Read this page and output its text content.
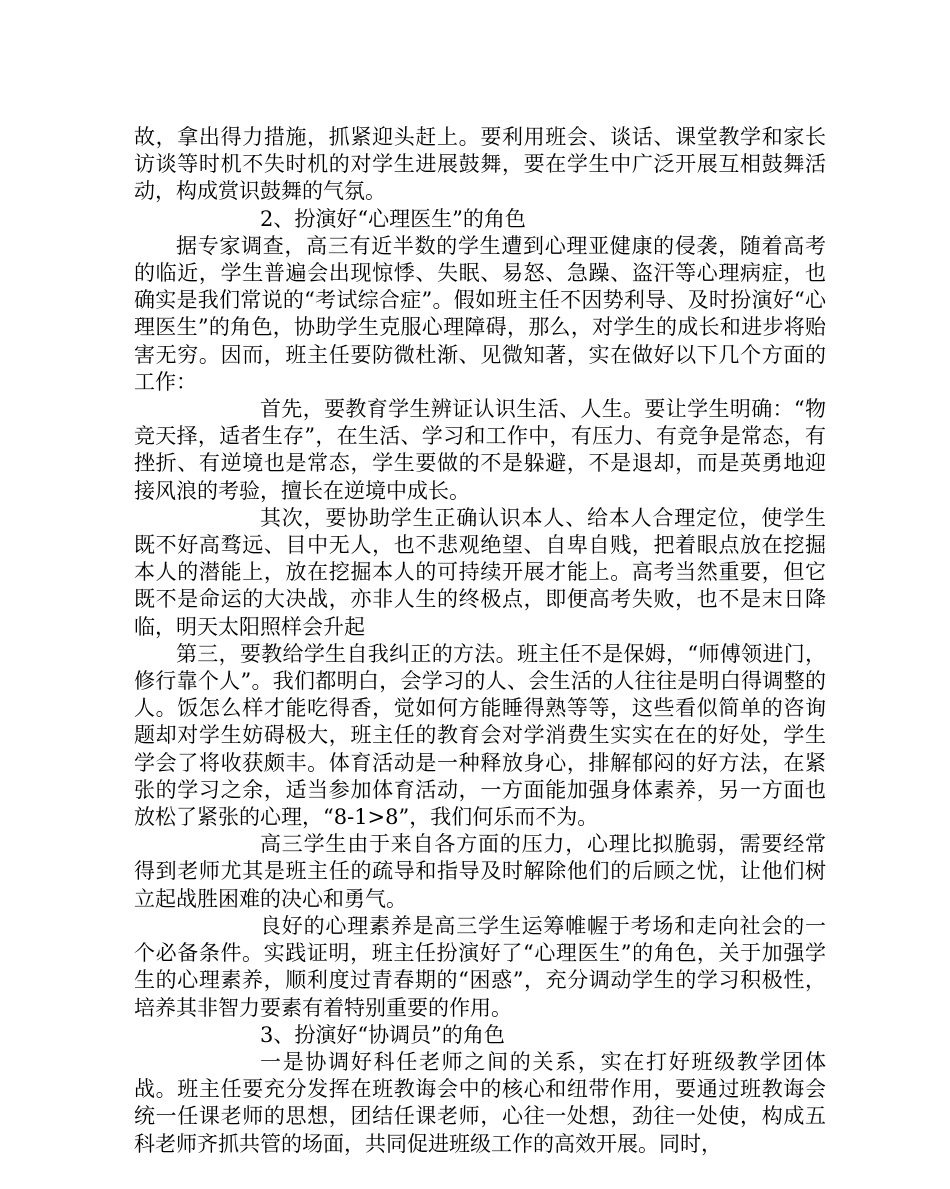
故，拿出得力措施，抓紧迎头赶上。要利用班会、谈话、课堂教学和家长访谈等时机不失时机的对学生进展鼓舞，要在学生中广泛开展互相鼓舞活动，构成赏识鼓舞的气氛。

2、扮演好“心理医生”的角色

据专家调查，高三有近半数的学生遭到心理亚健康的侵袭，随着高考的临近，学生普遍会出现惊悸、失眠、易怒、急躁、盗汗等心理病症，也确实是我们常说的“考试综合症”。假如班主任不因势利导、及时扮演好“心理医生”的角色，协助学生克服心理障碍，那么，对学生的成长和进步将贻害无穷。因而，班主任要防微杜渐、见微知著，实在做好以下几个方面的工作：

首先，要教育学生辨证认识生活、人生。要让学生明确：“物竞天择，适者生存”，在生活、学习和工作中，有压力、有竞争是常态，有挫折、有逆境也是常态，学生要做的不是躲避，不是退却，而是英勇地迎接风浪的考验，擅长在逆境中成长。

其次，要协助学生正确认识本人、给本人合理定位，使学生既不好高骛远、目中无人，也不悲观绝望、自卑自贱，把着眼点放在挖掘本人的潜能上，放在挖掘本人的可持续开展才能上。高考当然重要，但它既不是命运的大决战，亦非人生的终极点，即便高考失败，也不是末日降临，明天太阳照样会升起

第三，要教给学生自我纠正的方法。班主任不是保姆，“师傅领进门，修行靠个人”。我们都明白，会学习的人、会生活的人往往是明白得调整的人。饭怎么样才能吃得香，觉如何方能睡得熟等等，这些看似简单的咨询题却对学生妨碍极大，班主任的教育会对学消费生实实在在的好处，学生学会了将收获颇丰。体育活动是一种释放身心，排解郁闷的好方法，在紧张的学习之余，适当参加体育活动，一方面能加强身体素养，另一方面也放松了紧张的心理，“8-1>8”，我们何乐而不为。

高三学生由于来自各方面的压力，心理比拟脆弱，需要经常得到老师尤其是班主任的疏导和指导及时解除他们的后顾之忧，让他们树立起战胜困难的决心和勇气。

良好的心理素养是高三学生运筹帷幄于考场和走向社会的一个必备条件。实践证明，班主任扮演好了“心理医生”的角色，关于加强学生的心理素养，顺利度过青春期的“困惑”，充分调动学生的学习积极性，培养其非智力要素有着特别重要的作用。

3、扮演好“协调员”的角色

一是协调好科任老师之间的关系，实在打好班级教学团体战。班主任要充分发挥在班教诲会中的核心和纽带作用，要通过班教诲会统一任课老师的思想，团结任课老师，心往一处想，劲往一处使，构成五科老师齐抓共管的场面，共同促进班级工作的高效开展。同时，
